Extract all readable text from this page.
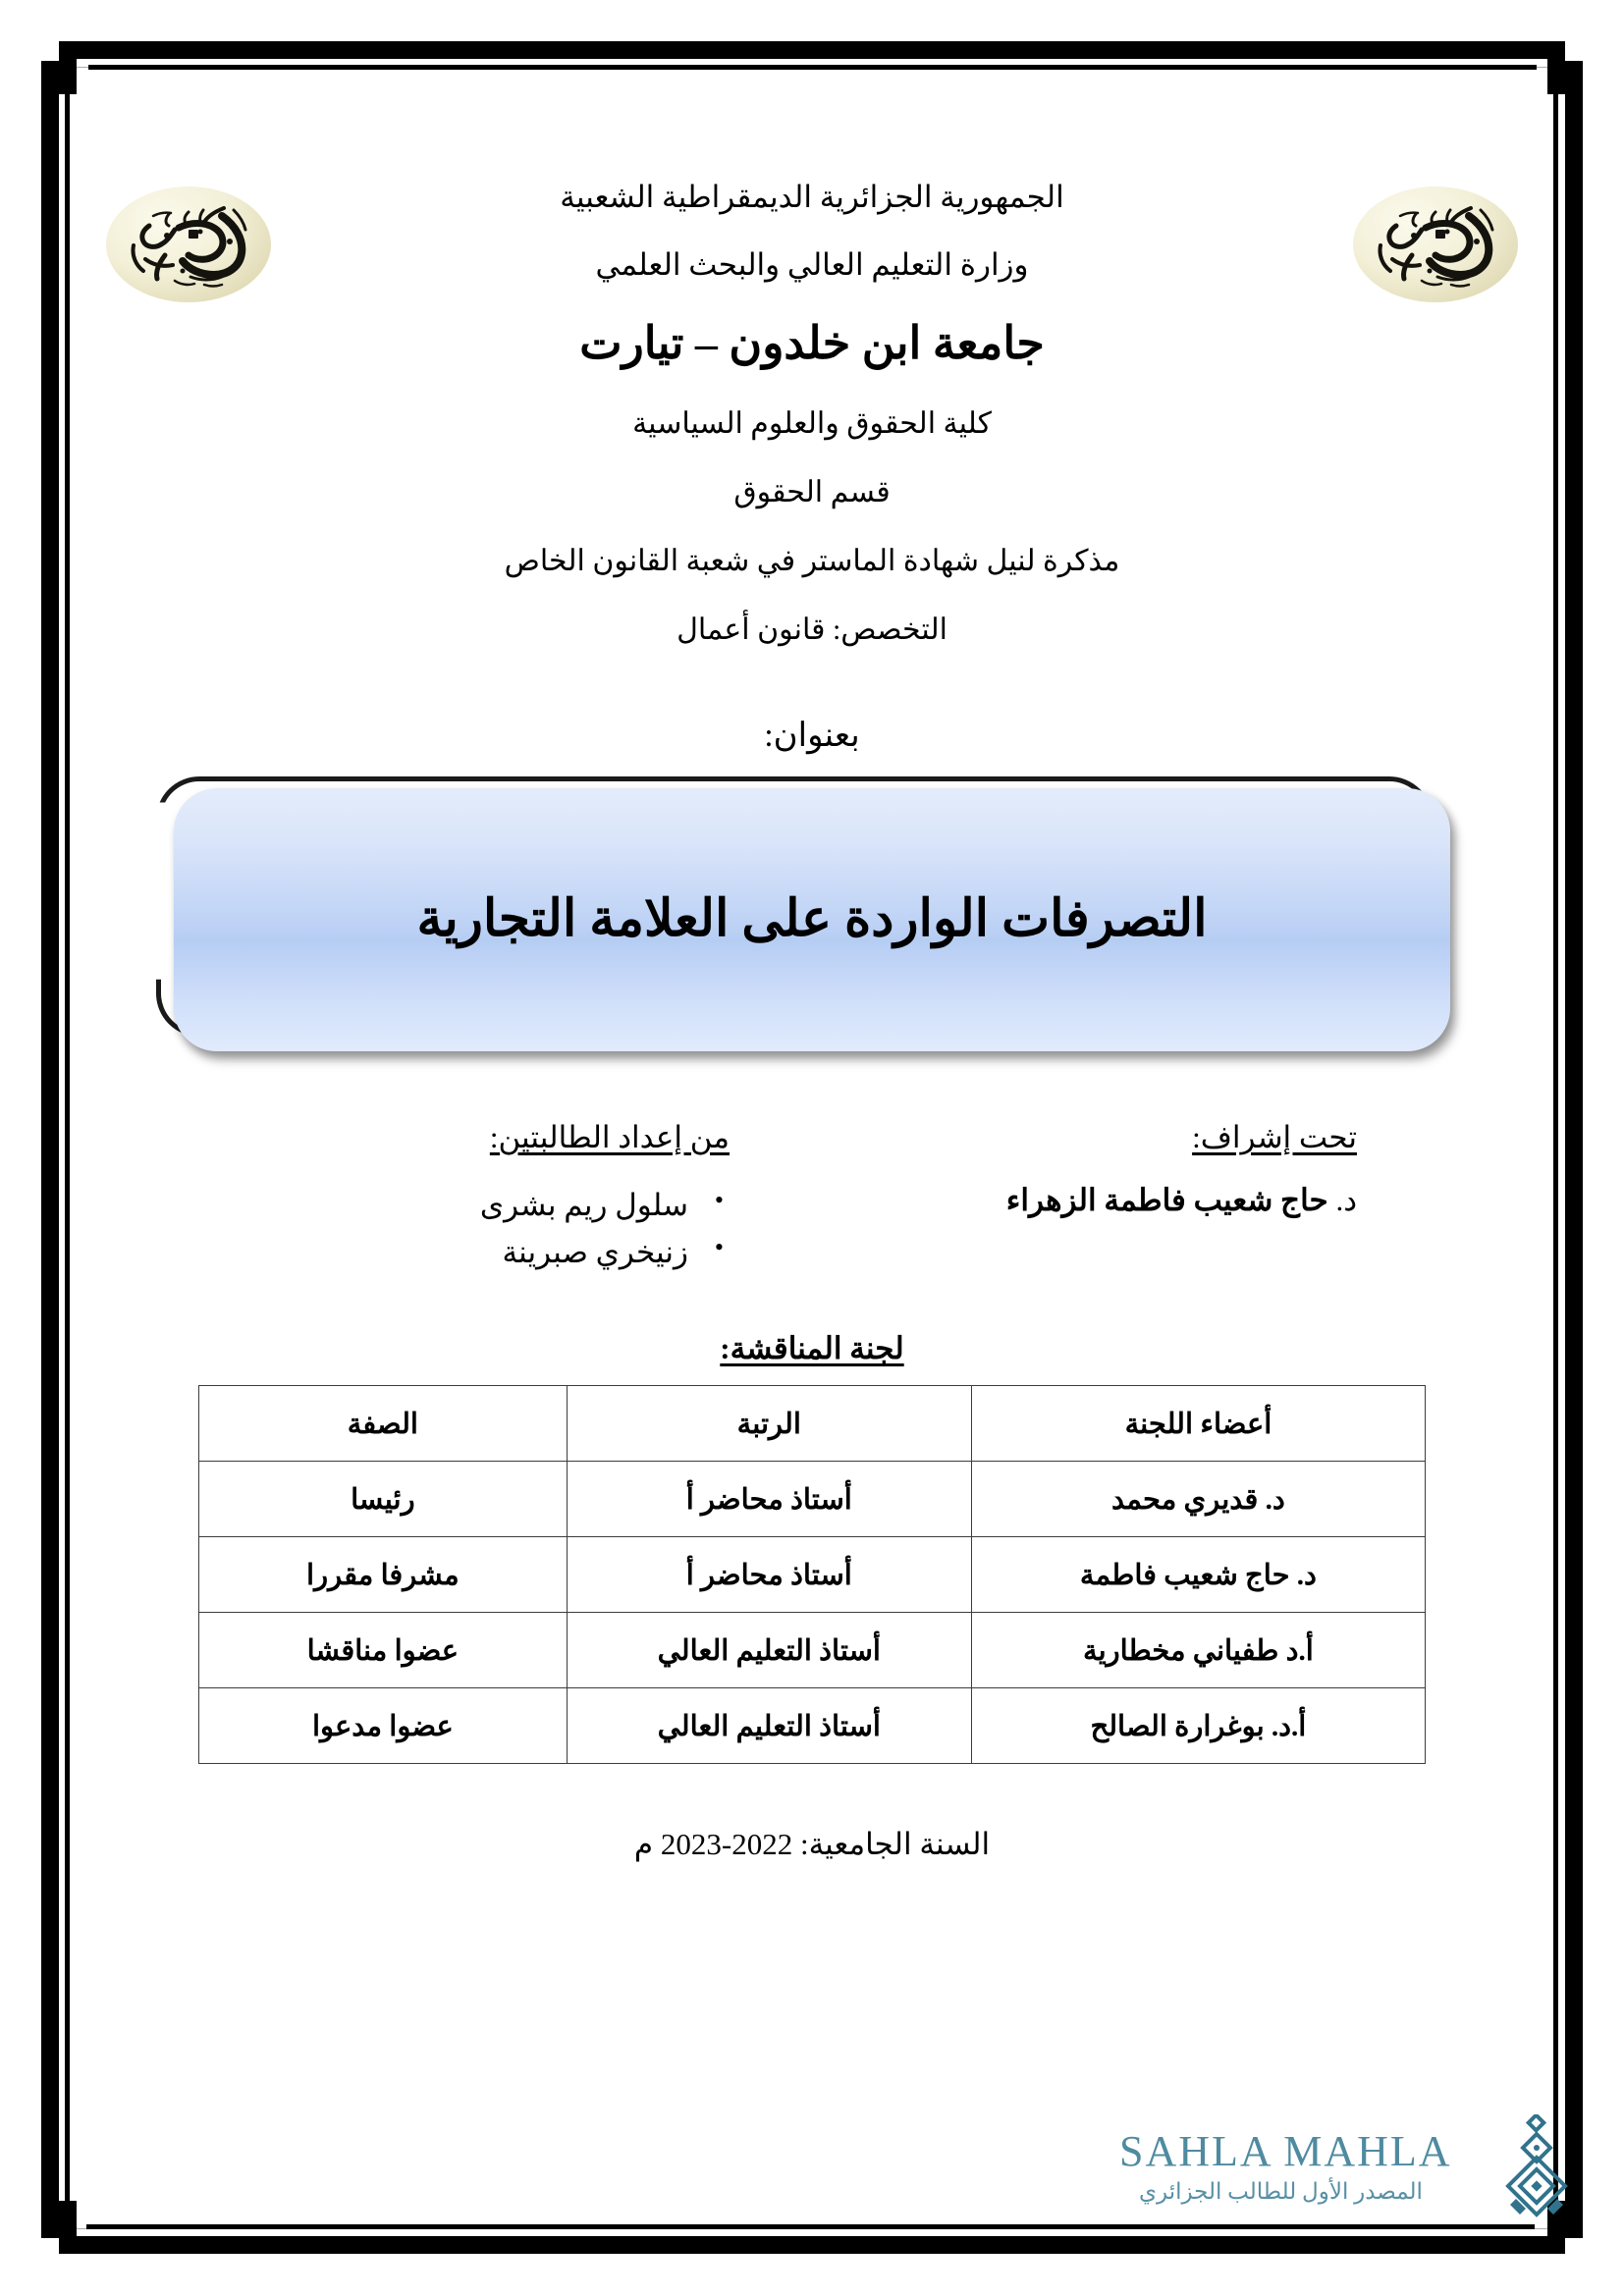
الجمهورية الجزائرية الديمقراطية الشعبية

وزارة التعليم العالي والبحث العلمي

جامعة ابن خلدون – تيارت

كلية الحقوق والعلوم السياسية

قسم الحقوق

مذكرة لنيل شهادة الماستر في شعبة القانون الخاص

التخصص: قانون أعمال

بعنوان:

التصرفات الواردة على العلامة التجارية
تحت إشراف:

د. حاج شعيب فاطمة الزهراء

من إعداد الطالبتين:
• سلول ريم بشرى
• زنيخري صبرينة
لجنة المناقشة:
أعضاء اللجنة	الرتبة	الصفة
د. قديري محمد	أستاذ محاضر أ	رئيسا
د. حاج شعيب فاطمة	أستاذ محاضر أ	مشرفا مقررا
أ.د طفياني مخطارية	أستاذ التعليم العالي	عضوا مناقشا
أ.د. بوغرارة الصالح	أستاذ التعليم العالي	عضوا مدعوا

السنة الجامعية: 2022-2023 م

SAHLA MAHLA
المصدر الأول للطالب الجزائري
